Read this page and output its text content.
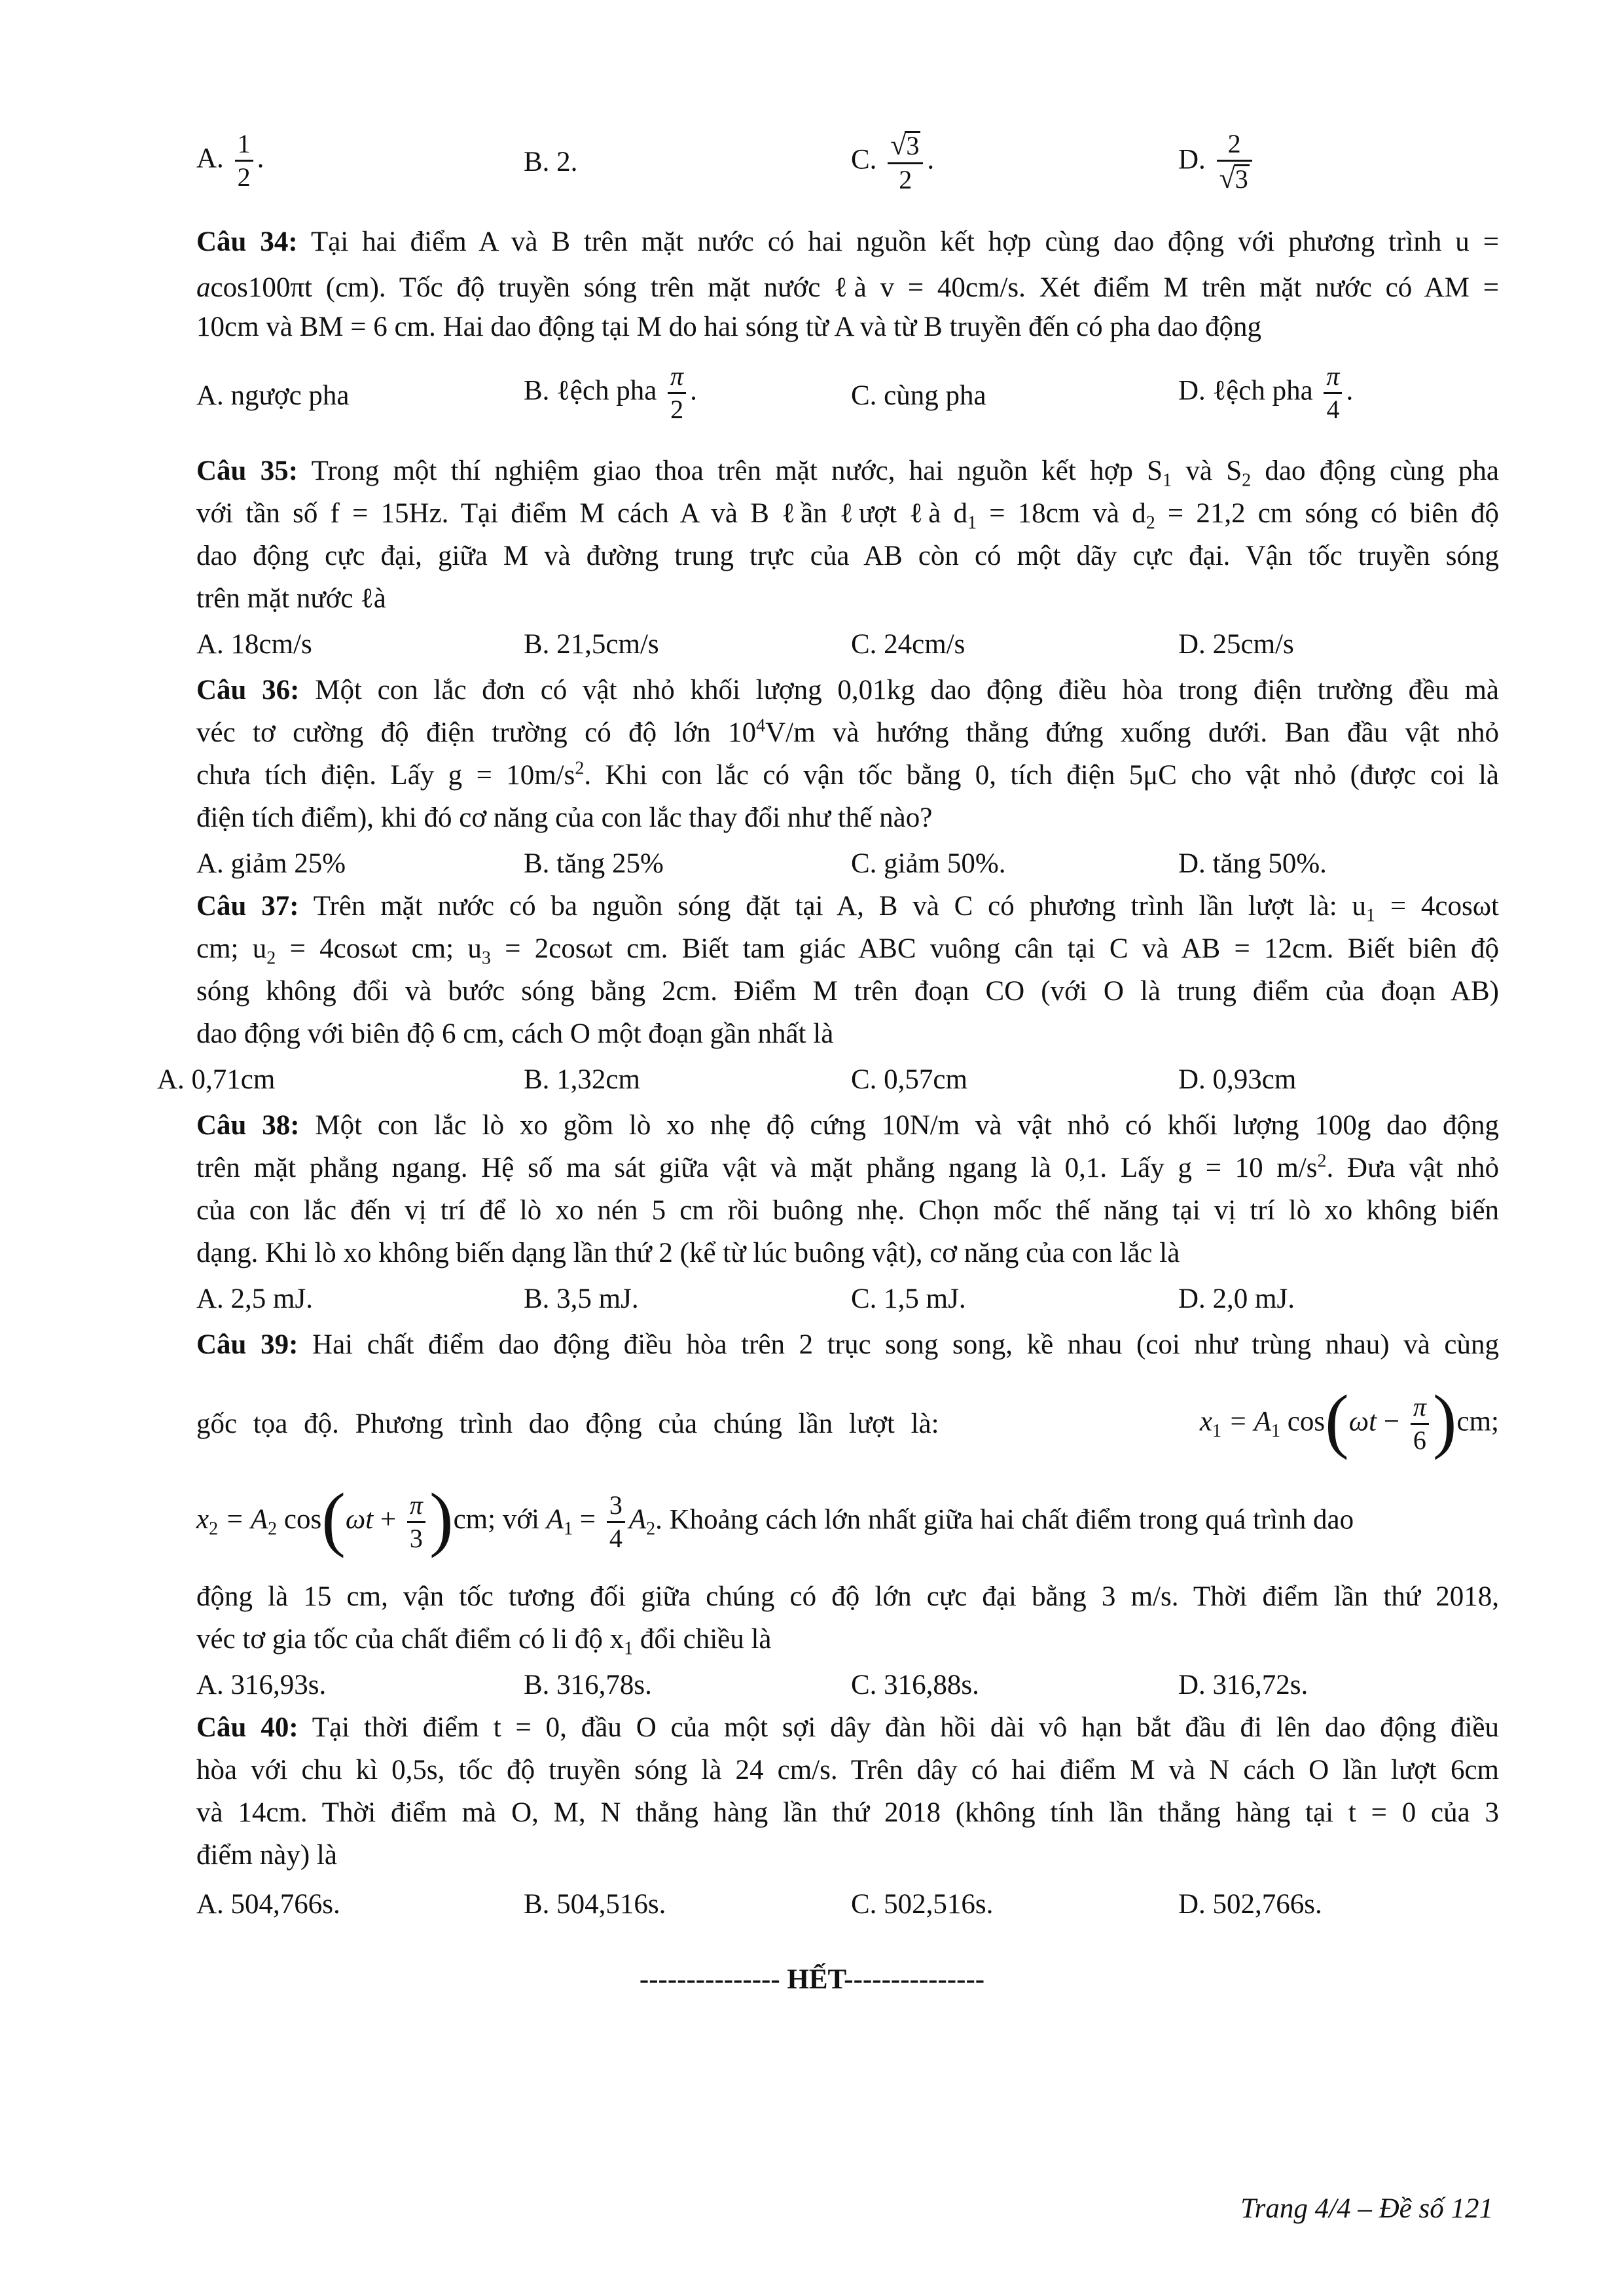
A. $\frac{1}{2}$ .	B. 2.	C. $\frac{√3}{2}$ .	D. $\frac{2}{√3}$
Câu 34: Tại hai điểm A và B trên mặt nước có hai nguồn kết hợp cùng dao động với phương trình u =
acos100πt (cm). Tốc độ truyền sóng trên mặt nước ℓà v = 40cm/s. Xét điểm M trên mặt nước có AM =
10cm và BM = 6 cm. Hai dao động tại M do hai sóng từ A và từ B truyền đến có pha dao động
A. ngược pha	B. ℓệch pha $\frac{\pi}{2}$ .	C. cùng pha	D. ℓệch pha $\frac{\pi}{4}$ .
Câu 35: Trong một thí nghiệm giao thoa trên mặt nước, hai nguồn kết hợp $S_1$ và $S_2$ dao động cùng pha
với tần số f = 15Hz. Tại điểm M cách A và B ℓần ℓượt ℓà $d_1 = 18cm$ và $d_2 = 21,2$ cm sóng có biên độ
dao động cực đại, giữa M và đường trung trực của AB còn có một dãy cực đại. Vận tốc truyền sóng
trên mặt nước ℓà
A. 18cm/s	B. 21,5cm/s	C. 24cm/s	D. 25cm/s
Câu 36: Một con lắc đơn có vật nhỏ khối lượng 0,01kg dao động điều hòa trong điện trường đều mà
véc tơ cường độ điện trường có độ lớn $10^4V/m$ và hướng thẳng đứng xuống dưới. Ban đầu vật nhỏ
chưa tích điện. Lấy $g = 10m/s^2$. Khi con lắc có vận tốc bằng 0, tích điện 5μC cho vật nhỏ (được coi là
điện tích điểm), khi đó cơ năng của con lắc thay đổi như thế nào?
A. giảm 25%	B. tăng 25%	C. giảm 50%.	D. tăng 50%.
Câu 37: Trên mặt nước có ba nguồn sóng đặt tại A, B và C có phương trình lần lượt là: $u_1 = 4\cos\omega t$
cm; $u_2 = 4\cos\omega t$ cm; $u_3 = 2\cos\omega t$ cm. Biết tam giác ABC vuông cân tại C và AB = 12cm. Biết biên độ
sóng không đổi và bước sóng bằng 2cm. Điểm M trên đoạn CO (với O là trung điểm của đoạn AB)
dao động với biên độ 6 cm, cách O một đoạn gần nhất là
A. 0,71cm	B. 1,32cm	C. 0,57cm	D. 0,93cm
Câu 38: Một con lắc lò xo gồm lò xo nhẹ độ cứng 10N/m và vật nhỏ có khối lượng 100g dao động
trên mặt phẳng ngang. Hệ số ma sát giữa vật và mặt phẳng ngang là 0,1. Lấy g = 10 $m/s^2$. Đưa vật nhỏ
của con lắc đến vị trí để lò xo nén 5 cm rồi buông nhẹ. Chọn mốc thế năng tại vị trí lò xo không biến
dạng. Khi lò xo không biến dạng lần thứ 2 (kể từ lúc buông vật), cơ năng của con lắc là
A. 2,5 mJ.	B. 3,5 mJ.	C. 1,5 mJ.	D. 2,0 mJ.
Câu 39: Hai chất điểm dao động điều hòa trên 2 trục song song, kề nhau (coi như trùng nhau) và cùng
gốc tọa độ. Phương trình dao động của chúng lần lượt là:	$x_1 = A_1$ $\cos(\omega t - \frac{\pi}{6} )cm$;
$x_2 = A_2$ $\cos(\omega t + \frac{\pi}{3} )cm$; với $A_1 = \frac{3}{4} A_2$. Khoảng cách lớn nhất giữa hai chất điểm trong quá trình dao
động là 15 cm, vận tốc tương đối giữa chúng có độ lớn cực đại bằng 3 m/s. Thời điểm lần thứ 2018,
véc tơ gia tốc của chất điểm có li độ $x_1$ đổi chiều là
A. 316,93s.	B. 316,78s.	C. 316,88s.	D. 316,72s.
Câu 40: Tại thời điểm t = 0, đầu O của một sợi dây đàn hồi dài vô hạn bắt đầu đi lên dao động điều
hòa với chu kì 0,5s, tốc độ truyền sóng là 24 cm/s. Trên dây có hai điểm M và N cách O lần lượt 6cm
và 14cm. Thời điểm mà O, M, N thẳng hàng lần thứ 2018 (không tính lần thẳng hàng tại t = 0 của 3
điểm này) là
A. 504,766s.	B. 504,516s.	C. 502,516s.	D. 502,766s.
--------------- HẾT---------------
Trang 4/4 – Đề số 121
